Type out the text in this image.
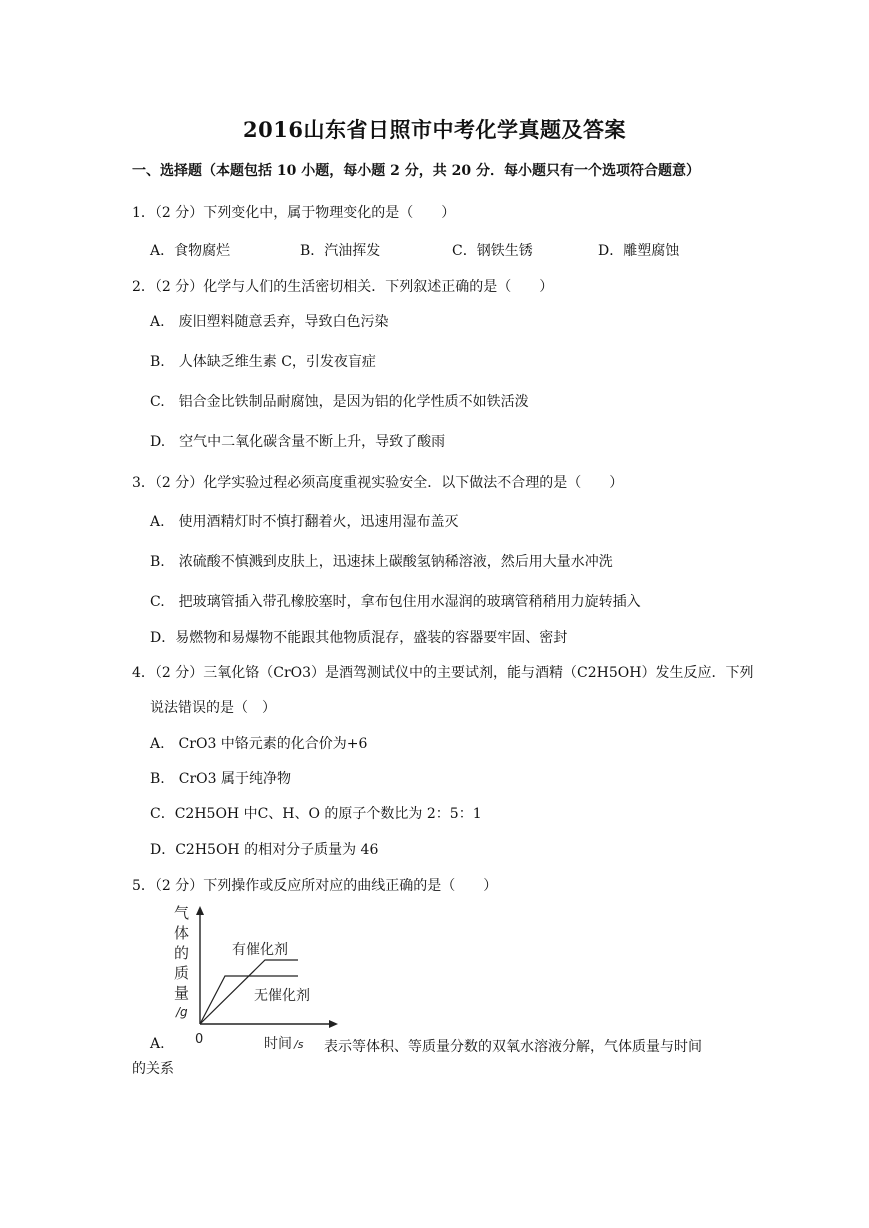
2016山东省日照市中考化学真题及答案
一、选择题（本题包括 10 小题，每小题 2 分，共 20 分．每小题只有一个选项符合题意）
1．（2 分）下列变化中，属于物理变化的是（　　）
A．食物腐烂	B．汽油挥发	C．钢铁生锈	D．雕塑腐蚀
2．（2 分）化学与人们的生活密切相关．下列叙述正确的是（　　）
A.　废旧塑料随意丢弃，导致白色污染
B.　人体缺乏维生素 C，引发夜盲症
C.　铝合金比铁制品耐腐蚀，是因为铝的化学性质不如铁活泼
D.　空气中二氧化碳含量不断上升，导致了酸雨
3．（2 分）化学实验过程必须高度重视实验安全．以下做法不合理的是（　　）
A.　使用酒精灯时不慎打翻着火，迅速用湿布盖灭
B.　浓硫酸不慎溅到皮肤上，迅速抹上碳酸氢钠稀溶液，然后用大量水冲洗
C.　把玻璃管插入带孔橡胶塞时，拿布包住用水湿润的玻璃管稍稍用力旋转插入
D．易燃物和易爆物不能跟其他物质混存，盛装的容器要牢固、密封
4．（2 分）三氧化铬（CrO3）是酒驾测试仪中的主要试剂，能与酒精（C2H5OH）发生反应．下列
说法错误的是（　）
A.　CrO3 中铬元素的化合价为+6
B.　CrO3 属于纯净物
C．C2H5OH 中C、H、O 的原子个数比为 2：5：1
D．C2H5OH 的相对分子质量为 46
5．（2 分）下列操作或反应所对应的曲线正确的是（　　）
气
体
的
质
量
/g
有催化剂
无催化剂
0	时间 /s
A.	表示等体积、等质量分数的双氧水溶液分解，气体质量与时间
的关系
